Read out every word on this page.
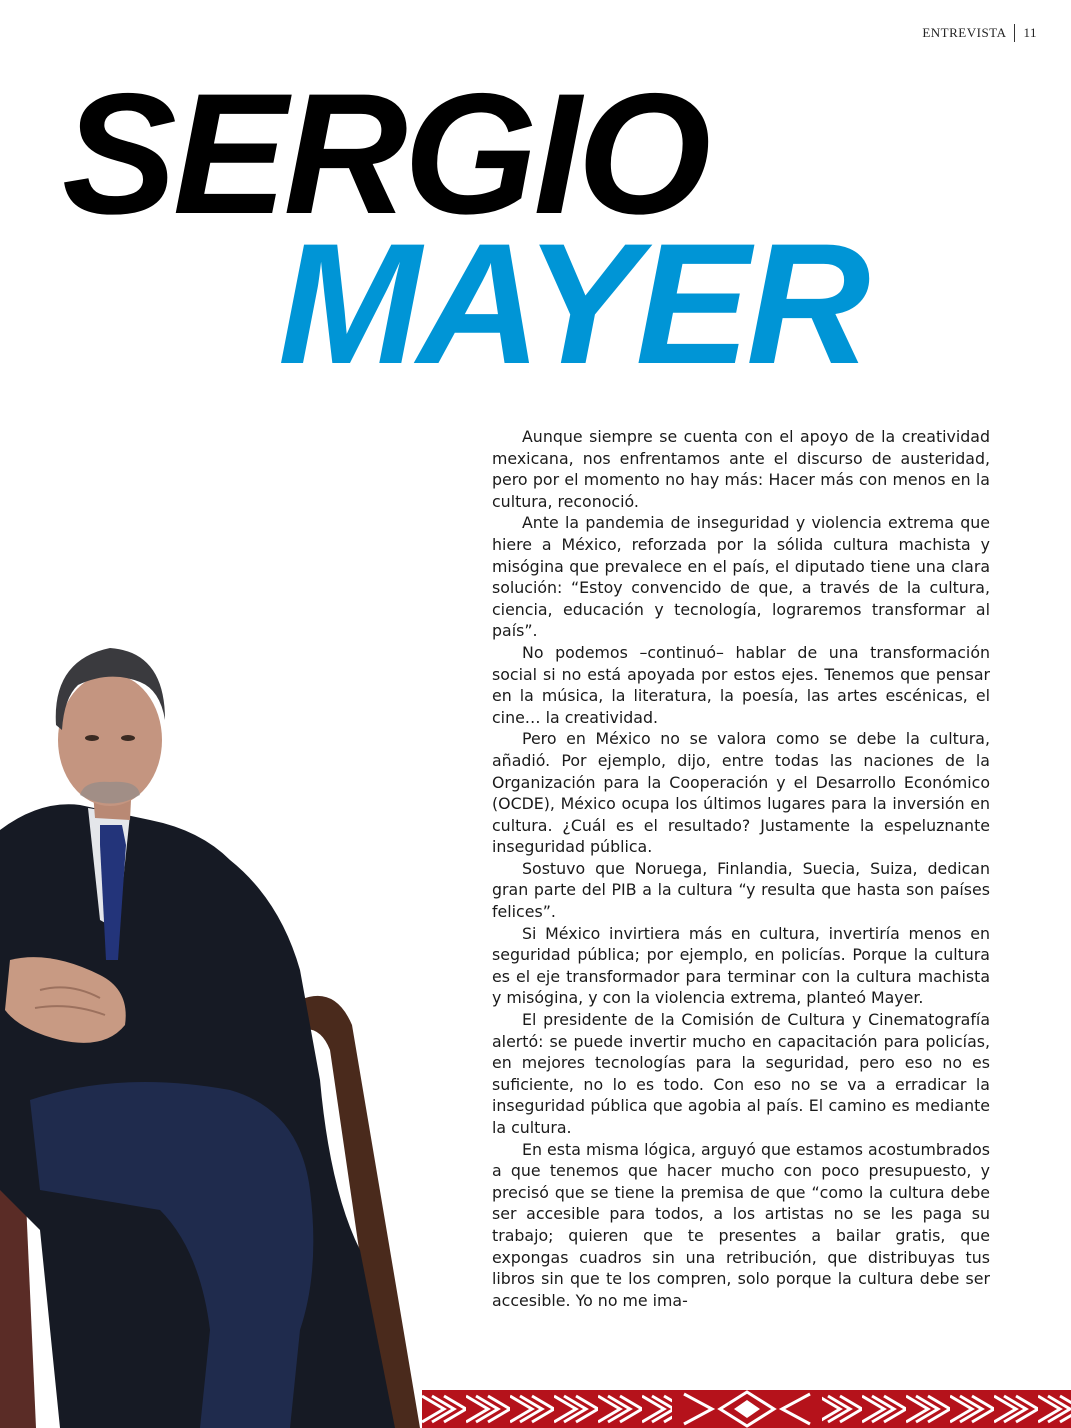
ENTREVISTA 11
SERGIO
MAYER

Aunque siempre se cuenta con el apoyo de la creatividad mexicana, nos enfrentamos ante el discurso de austeridad, pero por el momento no hay más: Hacer más con menos en la cultura, reconoció.

Ante la pandemia de inseguridad y violencia extrema que hiere a México, reforzada por la sólida cultura machista y misógina que prevalece en el país, el diputado tiene una clara solución: “Estoy convencido de que, a través de la cultura, ciencia, educación y tecnología, lograremos transformar al país”.

No podemos –continuó– hablar de una transformación social si no está apoyada por estos ejes. Tenemos que pensar en la música, la literatura, la poesía, las artes escénicas, el cine… la creatividad.

Pero en México no se valora como se debe la cultura, añadió. Por ejemplo, dijo, entre todas las naciones de la Organización para la Cooperación y el Desarrollo Económico (OCDE), México ocupa los últimos lugares para la inversión en cultura. ¿Cuál es el resultado? Justamente la espeluznante inseguridad pública.

Sostuvo que Noruega, Finlandia, Suecia, Suiza, dedican gran parte del PIB a la cultura “y resulta que hasta son países felices”.

Si México invirtiera más en cultura, invertiría menos en seguridad pública; por ejemplo, en policías. Porque la cultura es el eje transformador para terminar con la cultura machista y misógina, y con la violencia extrema, planteó Mayer.

El presidente de la Comisión de Cultura y Cinematografía alertó: se puede invertir mucho en capacitación para policías, en mejores tecnologías para la seguridad, pero eso no es suficiente, no lo es todo. Con eso no se va a erradicar la inseguridad pública que agobia al país. El camino es mediante la cultura.

En esta misma lógica, arguyó que estamos acostumbrados a que tenemos que hacer mucho con poco presupuesto, y precisó que se tiene la premisa de que “como la cultura debe ser accesible para todos, a los artistas no se les paga su trabajo; quieren que te presentes a bailar gratis, que expongas cuadros sin una retribución, que distribuyas tus libros sin que te los compren, solo porque la cultura debe ser accesible. Yo no me ima-
